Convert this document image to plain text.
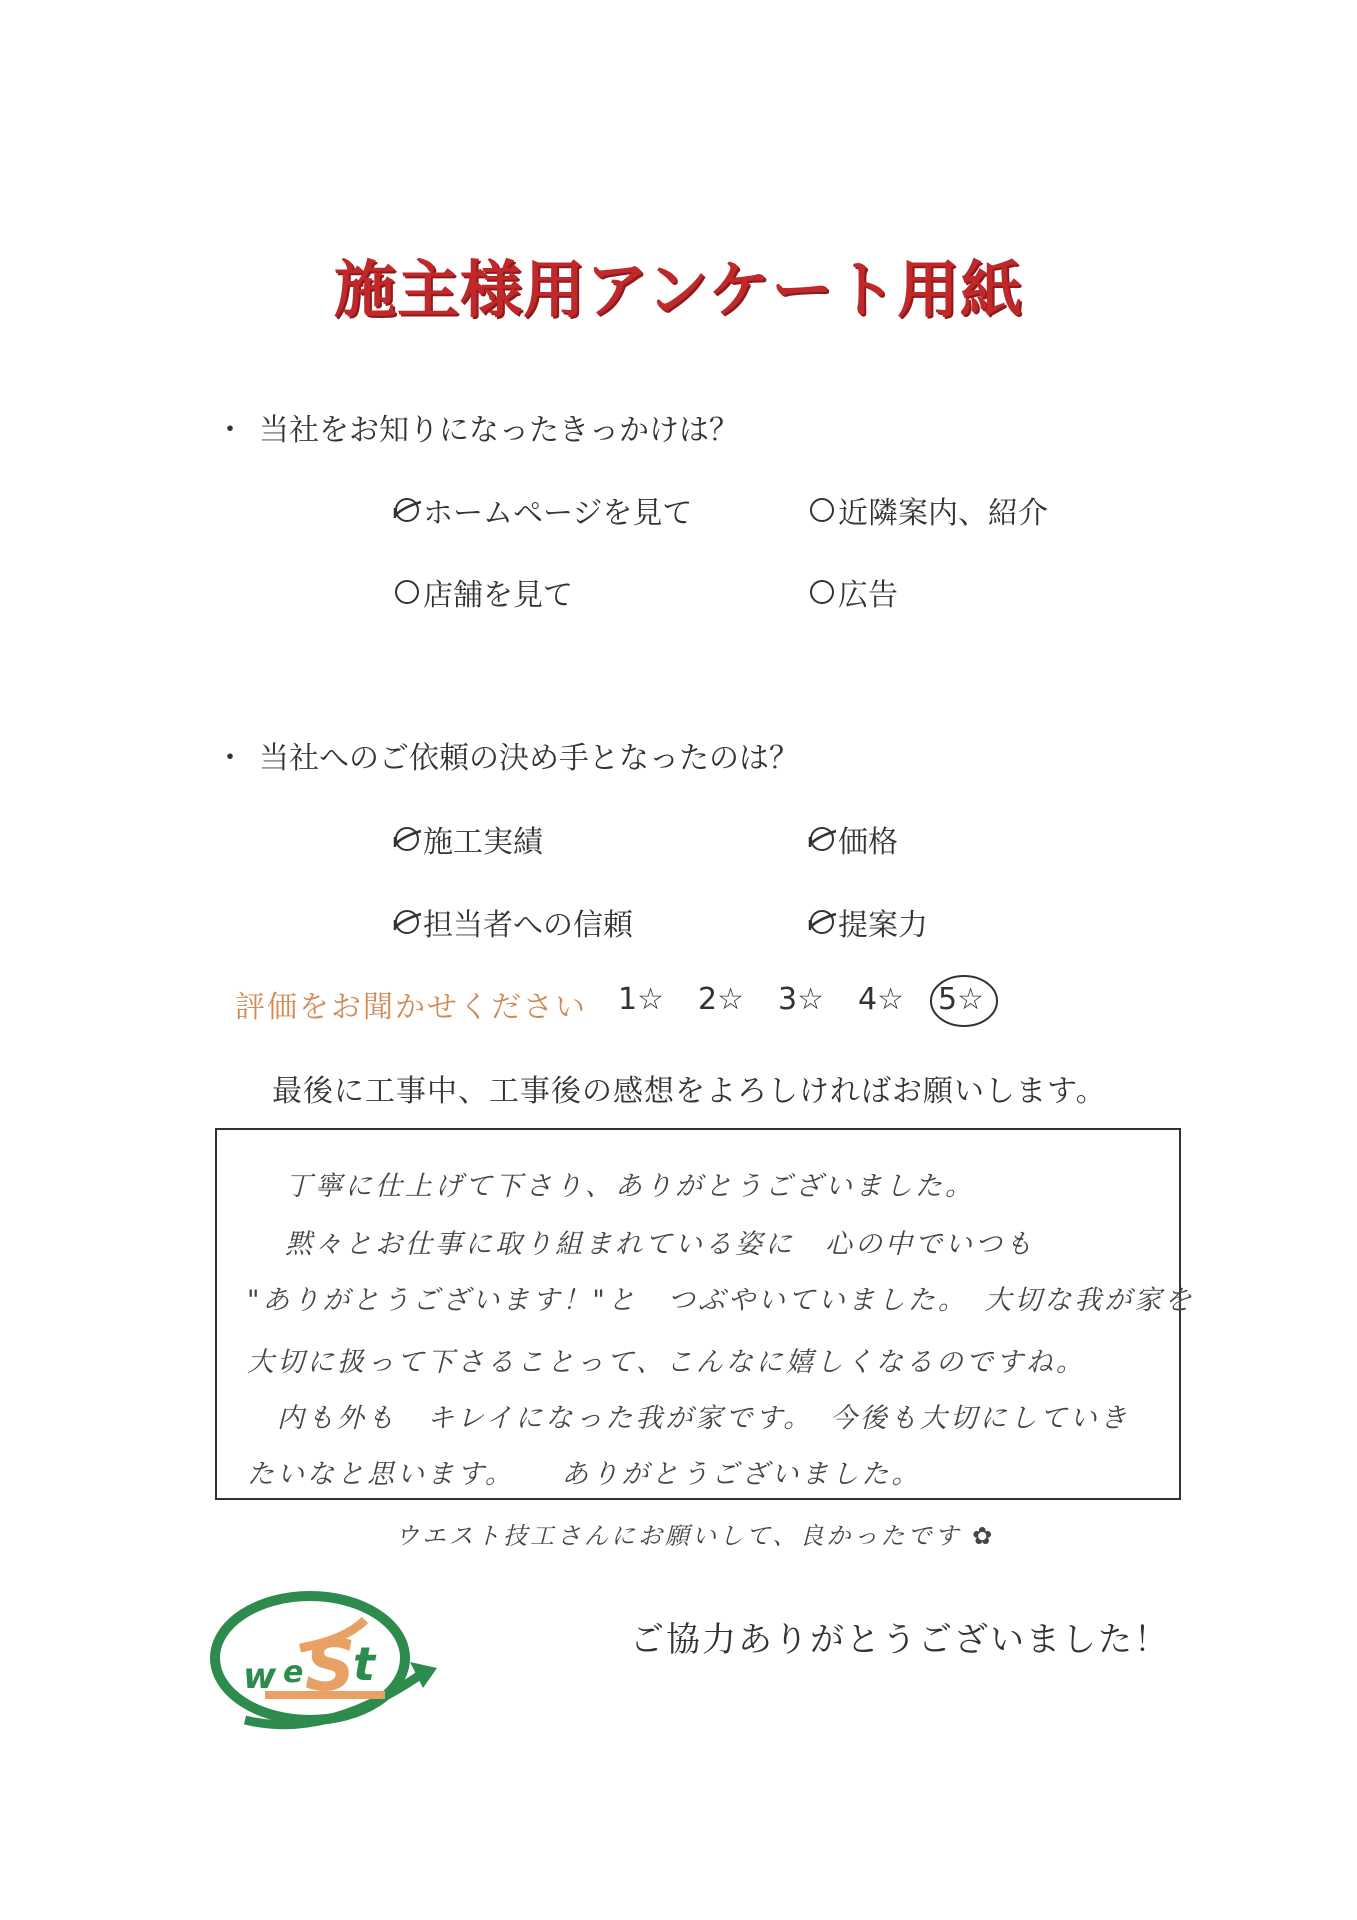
施主様用アンケート用紙
・ 当社をお知りになったきっかけは？
ホームページを見て	近隣案内、紹介
店舗を見て	広告
・ 当社へのご依頼の決め手となったのは？
施工実績	価格
担当者への信頼	提案力
評価をお聞かせください 1☆ 2☆ 3☆ 4☆ 5☆
最後に工事中、工事後の感想をよろしければお願いします。
丁寧に仕上げて下さり、ありがとうございました。
黙々とお仕事に取り組まれている姿に　心の中でいつも
"ありがとうございます！"と　つぶやいていました。　大切な我が家を
大切に扱って下さることって、こんなに嬉しくなるのですね。
内も外も　キレイになった我が家です。　今後も大切にしていき
たいなと思います。　　ありがとうございました。
ウエスト技工さんにお願いして、良かったです ✿
w e S
t	ご協力ありがとうございました！
